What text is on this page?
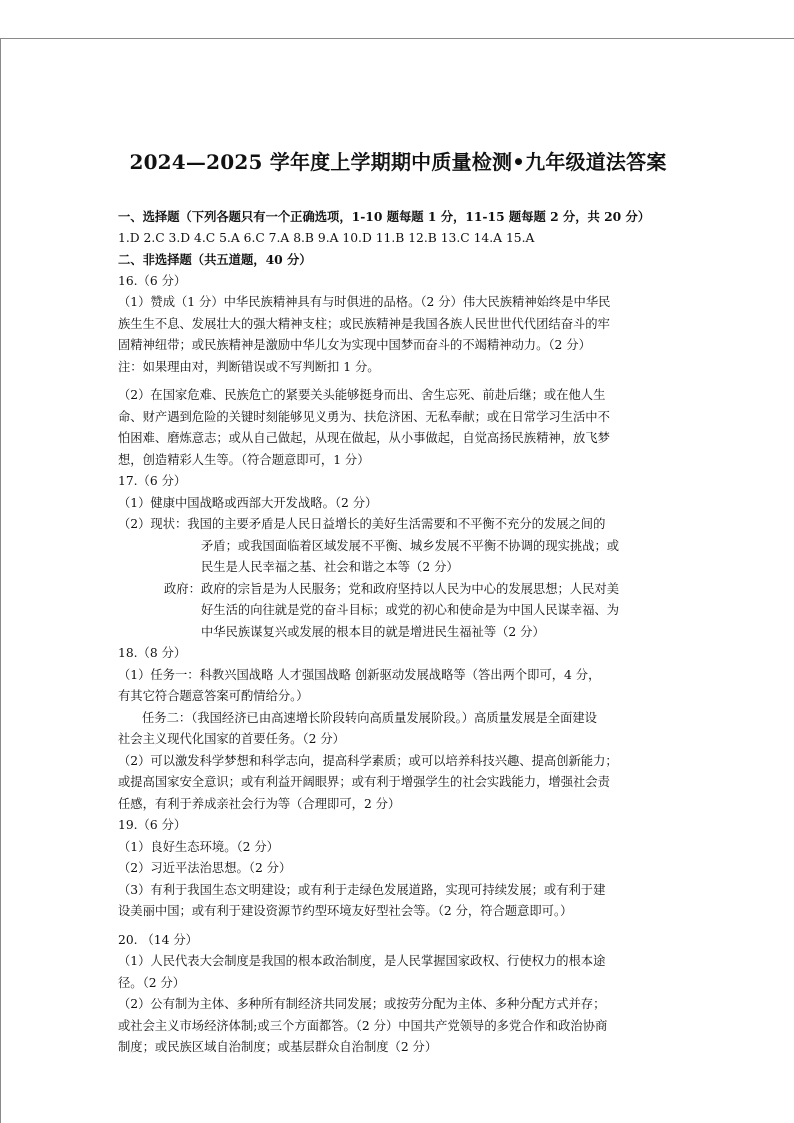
2024—2025 学年度上学期期中质量检测•九年级道法答案
一、选择题（下列各题只有一个正确选项，1-10 题每题 1 分，11-15 题每题 2 分，共 20 分）
1.D 2.C 3.D 4.C 5.A 6.C 7.A 8.B 9.A 10.D 11.B 12.B 13.C 14.A 15.A
二、非选择题（共五道题，40 分）
16.（6 分）
（1）赞成（1 分）中华民族精神具有与时俱进的品格。（2 分）伟大民族精神始终是中华民
族生生不息、发展壮大的强大精神支柱；或民族精神是我国各族人民世世代代团结奋斗的牢
固精神纽带；或民族精神是激励中华儿女为实现中国梦而奋斗的不竭精神动力。（2 分）
注：如果理由对，判断错误或不写判断扣 1 分。
（2）在国家危难、民族危亡的紧要关头能够挺身而出、舍生忘死、前赴后继；或在他人生
命、财产遇到危险的关键时刻能够见义勇为、扶危济困、无私奉献；或在日常学习生活中不
怕困难、磨炼意志；或从自己做起，从现在做起，从小事做起，自觉高扬民族精神，放飞梦
想，创造精彩人生等。（符合题意即可，1 分）
17.（6 分）
（1）健康中国战略或西部大开发战略。（2 分）
（2）现状：我国的主要矛盾是人民日益增长的美好生活需要和不平衡不充分的发展之间的
矛盾；或我国面临着区域发展不平衡、城乡发展不平衡不协调的现实挑战；或
民生是人民幸福之基、社会和谐之本等（2 分）
政府：政府的宗旨是为人民服务；党和政府坚持以人民为中心的发展思想；人民对美
好生活的向往就是党的奋斗目标；或党的初心和使命是为中国人民谋幸福、为
中华民族谋复兴或发展的根本目的就是增进民生福祉等（2 分）
18.（8 分）
（1）任务一：科教兴国战略 人才强国战略 创新驱动发展战略等（答出两个即可，4 分，
有其它符合题意答案可酌情给分。）
任务二：（我国经济已由高速增长阶段转向高质量发展阶段。）高质量发展是全面建设
社会主义现代化国家的首要任务。（2 分）
（2）可以激发科学梦想和科学志向，提高科学素质；或可以培养科技兴趣、提高创新能力；
或提高国家安全意识；或有利益开阔眼界；或有利于增强学生的社会实践能力，增强社会责
任感，有利于养成亲社会行为等（合理即可，2 分）
19.（6 分）
（1）良好生态环境。（2 分）
（2）习近平法治思想。（2 分）
（3）有利于我国生态文明建设；或有利于走绿色发展道路，实现可持续发展；或有利于建
设美丽中国；或有利于建设资源节约型环境友好型社会等。（2 分，符合题意即可。）
20. （14 分）
（1）人民代表大会制度是我国的根本政治制度，是人民掌握国家政权、行使权力的根本途
径。（2 分）
（2）公有制为主体、多种所有制经济共同发展；或按劳分配为主体、多种分配方式并存；
或社会主义市场经济体制;或三个方面都答。（2 分）中国共产党领导的多党合作和政治协商
制度；或民族区域自治制度；或基层群众自治制度（2 分）
